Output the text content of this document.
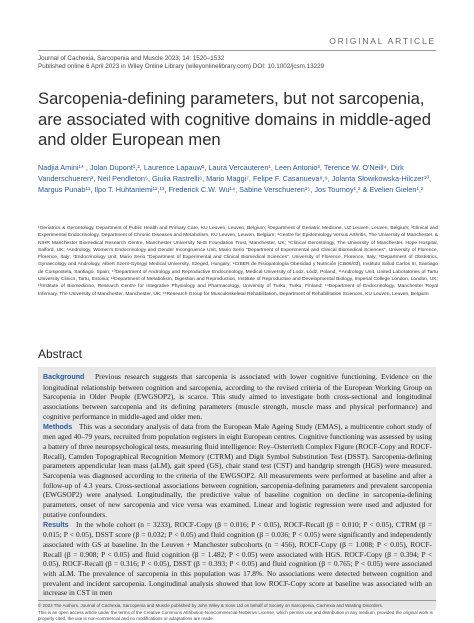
ORIGINAL ARTICLE
Journal of Cachexia, Sarcopenia and Muscle 2023; 14: 1520–1532
Published online 6 April 2023 in Wiley Online Library (wileyonlinelibrary.com) DOI: 10.1002/jcsm.13229
Sarcopenia-defining parameters, but not sarcopenia, are associated with cognitive domains in middle-aged and older European men
Nadjia Amini¹* , Jolan Dupont¹,², Laurence Lapauw¹, Laura Vercauteren¹, Leen Antonio³, Terence W. O'Neill⁴, Dirk Vanderschueren³, Neil Pendleton⁵, Giulia Rastrelli⁶, Mario Maggi⁷, Felipe F. Casanueva⁸,⁹, Jolanta Słowikowska-Hilczer¹⁰, Margus Punab¹¹, Ilpo T. Huhtaniemi¹²,¹³, Frederick C.W. Wu¹⁴, Sabine Verschueren¹⁵, Jos Tournoy¹,² & Evelien Gielen¹,²
¹Geriatrics & Gerontology, Department of Public Health and Primary Care, KU Leuven, Leuven, Belgium; ²Department of Geriatric Medicine, UZ Leuven, Leuven, Belgium; ³Clinical and Experimental Endocrinology, Department of Chronic Diseases and Metabolism, KU Leuven, Leuven, Belgium; ⁴Centre for Epidemiology Versus Arthritis, The University of Manchester, & NIHR Manchester Biomedical Research Centre, Manchester University NHS Foundation Trust, Manchester, UK; ⁵Clinical Gerontology, The University of Manchester, Hope Hospital, Salford, UK; ⁶Andrology, Women's Endocrinology and Gender Incongruence Unit, Mario Serio "Department of Experimental and Clinical Biomedical Sciences", University of Florence, Florence, Italy; ⁷Endocrinology Unit, Mario Serio "Department of Experimental and Clinical Biomedical Sciences", University of Florence, Florence, Italy; ⁸Department of Obstetrics, Gynaecology and Andrology, Albert Szent-Györgyi Medical University, Szeged, Hungary; ⁹CIBER de Fisiopatología Obesidad y Nutrición (CB06/03), Instituto Salud Carlos III, Santiago de Compostela, Santiago, Spain; ¹⁰Department of Andrology and Reproductive Endocrinology, Medical University of Lodz, Łódź, Poland; ¹¹Andrology Unit, United Laboratories of Tartu University Clinics, Tartu, Estonia; ¹²Department of Metabolism, Digestion and Reproduction, Institute of Reproductive and Developmental Biology, Imperial College London, London, UK; ¹³Institute of Biomedicine, Research Centre for Integrative Physiology and Pharmacology, University of Turku, Turku, Finland; ¹⁴Department of Endocrinology, Manchester Royal Infirmary, The University of Manchester, Manchester, UK; ¹⁵Research Group for Musculoskeletal Rehabilitation, Department of Rehabilitation Sciences, KU Leuven, Leuven, Belgium
Abstract

Background Previous research suggests that sarcopenia is associated with lower cognitive functioning. Evidence on the longitudinal relationship between cognition and sarcopenia, according to the revised criteria of the European Working Group on Sarcopenia in Older People (EWGSOP2), is scarce. This study aimed to investigate both cross-sectional and longitudinal associations between sarcopenia and its defining parameters (muscle strength, muscle mass and physical performance) and cognitive performance in middle-aged and older men.

Methods This was a secondary analysis of data from the European Male Ageing Study (EMAS), a multicentre cohort study of men aged 40–79 years, recruited from population registers in eight European centres. Cognitive functioning was assessed by using a battery of three neuropsychological tests, measuring fluid intelligence: Rey–Osterrieth Complex Figure (ROCF-Copy and ROCF-Recall), Camden Topographical Recognition Memory (CTRM) and Digit Symbol Substitution Test (DSST). Sarcopenia-defining parameters appendicular lean mass (aLM), gait speed (GS), chair stand test (CST) and handgrip strength (HGS) were measured. Sarcopenia was diagnosed according to the criteria of the EWGSOP2. All measurements were performed at baseline and after a follow-up of 4.3 years. Cross-sectional associations between cognition, sarcopenia-defining parameters and prevalent sarcopenia (EWGSOP2) were analysed. Longitudinally, the predictive value of baseline cognition on decline in sarcopenia-defining parameters, onset of new sarcopenia and vice versa was examined. Linear and logistic regression were used and adjusted for putative confounders.

Results In the whole cohort (n = 3233), ROCF-Copy (β = 0.016; P < 0.05), ROCF-Recall (β = 0.010; P < 0.05), CTRM (β = 0.015; P < 0.05), DSST score (β = 0.032; P < 0.05) and fluid cognition (β = 0.036; P < 0.05) were significantly and independently associated with GS at baseline. In the Leuven + Manchester subcohorts (n = 456), ROCF-Copy (β = 1.008; P < 0.05), ROCF-Recall (β = 0.908; P < 0.05) and fluid cognition (β = 1.482; P < 0.05) were associated with HGS. ROCF-Copy (β = 0.394; P < 0.05), ROCF-Recall (β = 0.316; P < 0.05), DSST (β = 0.393; P < 0.05) and fluid cognition (β = 0.765; P < 0.05) were associated with aLM. The prevalence of sarcopenia in this population was 17.8%. No associations were detected between cognition and prevalent and incident sarcopenia. Longitudinal analysis showed that low ROCF-Copy score at baseline was associated with an increase in CST in men

© 2023 The Authors. Journal of Cachexia, Sarcopenia and Muscle published by John Wiley & Sons Ltd on behalf of Society on Sarcopenia, Cachexia and Wasting Disorders.

This is an open access article under the terms of the Creative Commons Attribution-NonCommercial-NoDerivs License, which permits use and distribution in any medium, provided the original work is properly cited, the use is non-commercial and no modifications or adaptations are made.
